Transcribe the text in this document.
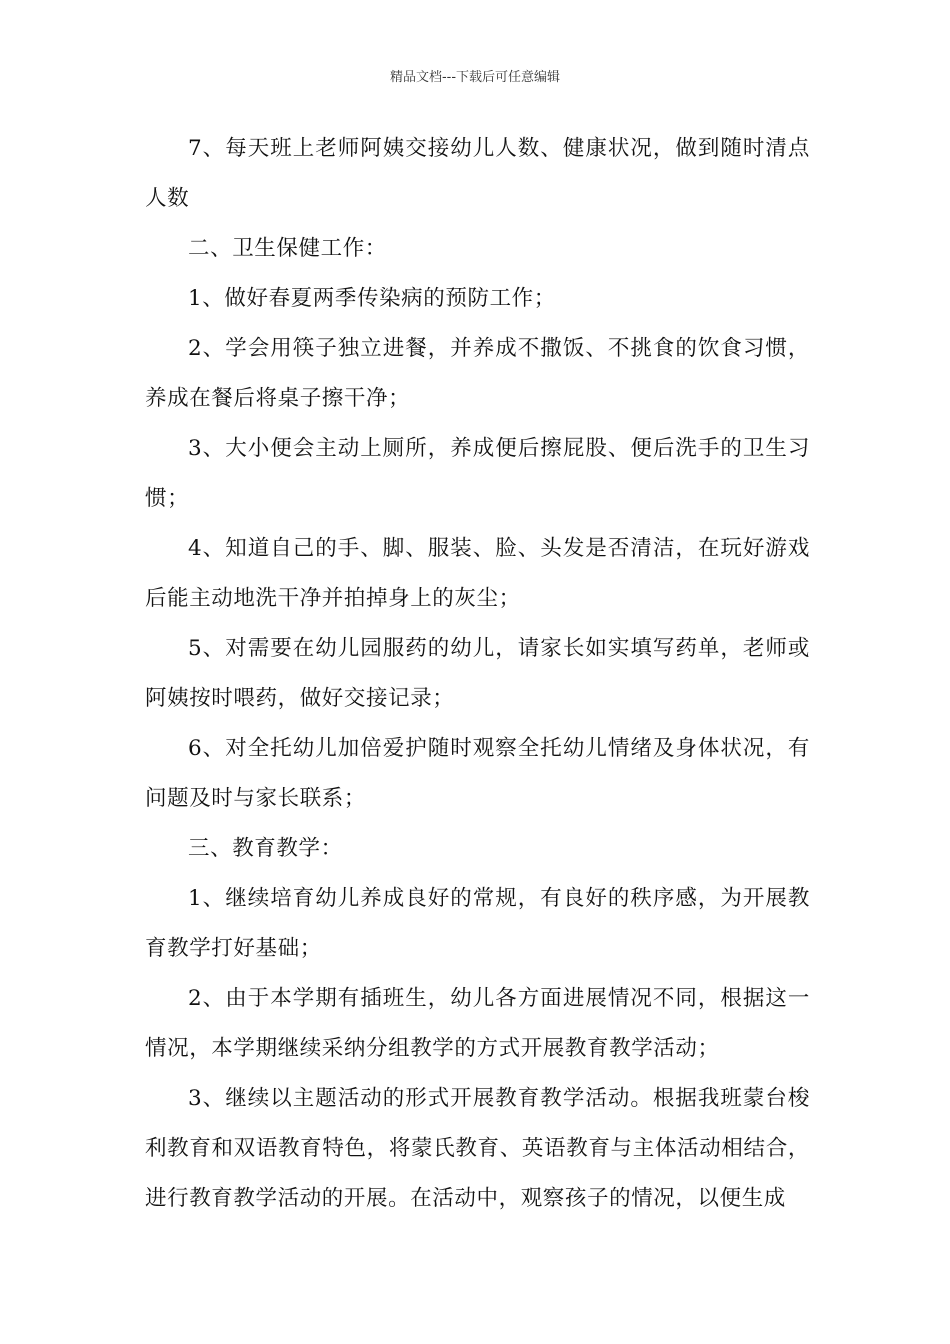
精品文档---下载后可任意编辑

7、每天班上老师阿姨交接幼儿人数、健康状况，做到随时清点人数

二、卫生保健工作：

1、做好春夏两季传染病的预防工作；

2、学会用筷子独立进餐，并养成不撒饭、不挑食的饮食习惯，养成在餐后将桌子擦干净；

3、大小便会主动上厕所，养成便后擦屁股、便后洗手的卫生习惯；

4、知道自己的手、脚、服装、脸、头发是否清洁，在玩好游戏后能主动地洗干净并拍掉身上的灰尘；

5、对需要在幼儿园服药的幼儿，请家长如实填写药单，老师或阿姨按时喂药，做好交接记录；

6、对全托幼儿加倍爱护随时观察全托幼儿情绪及身体状况，有问题及时与家长联系；

三、教育教学：

1、继续培育幼儿养成良好的常规，有良好的秩序感，为开展教育教学打好基础；

2、由于本学期有插班生，幼儿各方面进展情况不同，根据这一情况，本学期继续采纳分组教学的方式开展教育教学活动；

3、继续以主题活动的形式开展教育教学活动。根据我班蒙台梭利教育和双语教育特色，将蒙氏教育、英语教育与主体活动相结合，进行教育教学活动的开展。在活动中，观察孩子的情况，以便生成
